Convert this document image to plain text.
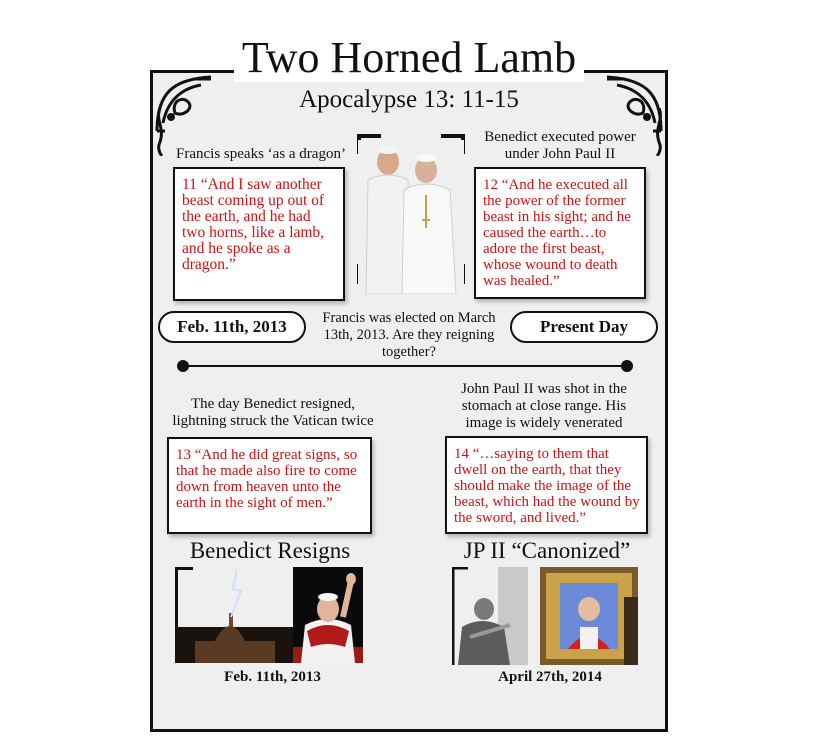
Two Horned Lamb
Apocalypse 13: 11-15
Francis speaks ‘as a dragon’
Benedict executed power under John Paul II
11 “And I saw another beast coming up out of the earth, and he had two horns, like a lamb, and he spoke as a dragon.”
12 “And he executed all the power of the former beast in his sight; and he caused the earth…to adore the first beast, whose wound to death was healed.”
Feb. 11th, 2013	Present Day
Francis was elected on March 13th, 2013. Are they reigning together?
The day Benedict resigned, lightning struck the Vatican twice
John Paul II was shot in the stomach at close range. His image is widely venerated
13 “And he did great signs, so that he made also fire to come down from heaven unto the earth in the sight of men.”
14 “…saying to them that dwell on the earth, that they should make the image of the beast, which had the wound by the sword, and lived.”
Benedict Resigns	JP II “Canonized”
Feb. 11th, 2013	April 27th, 2014
